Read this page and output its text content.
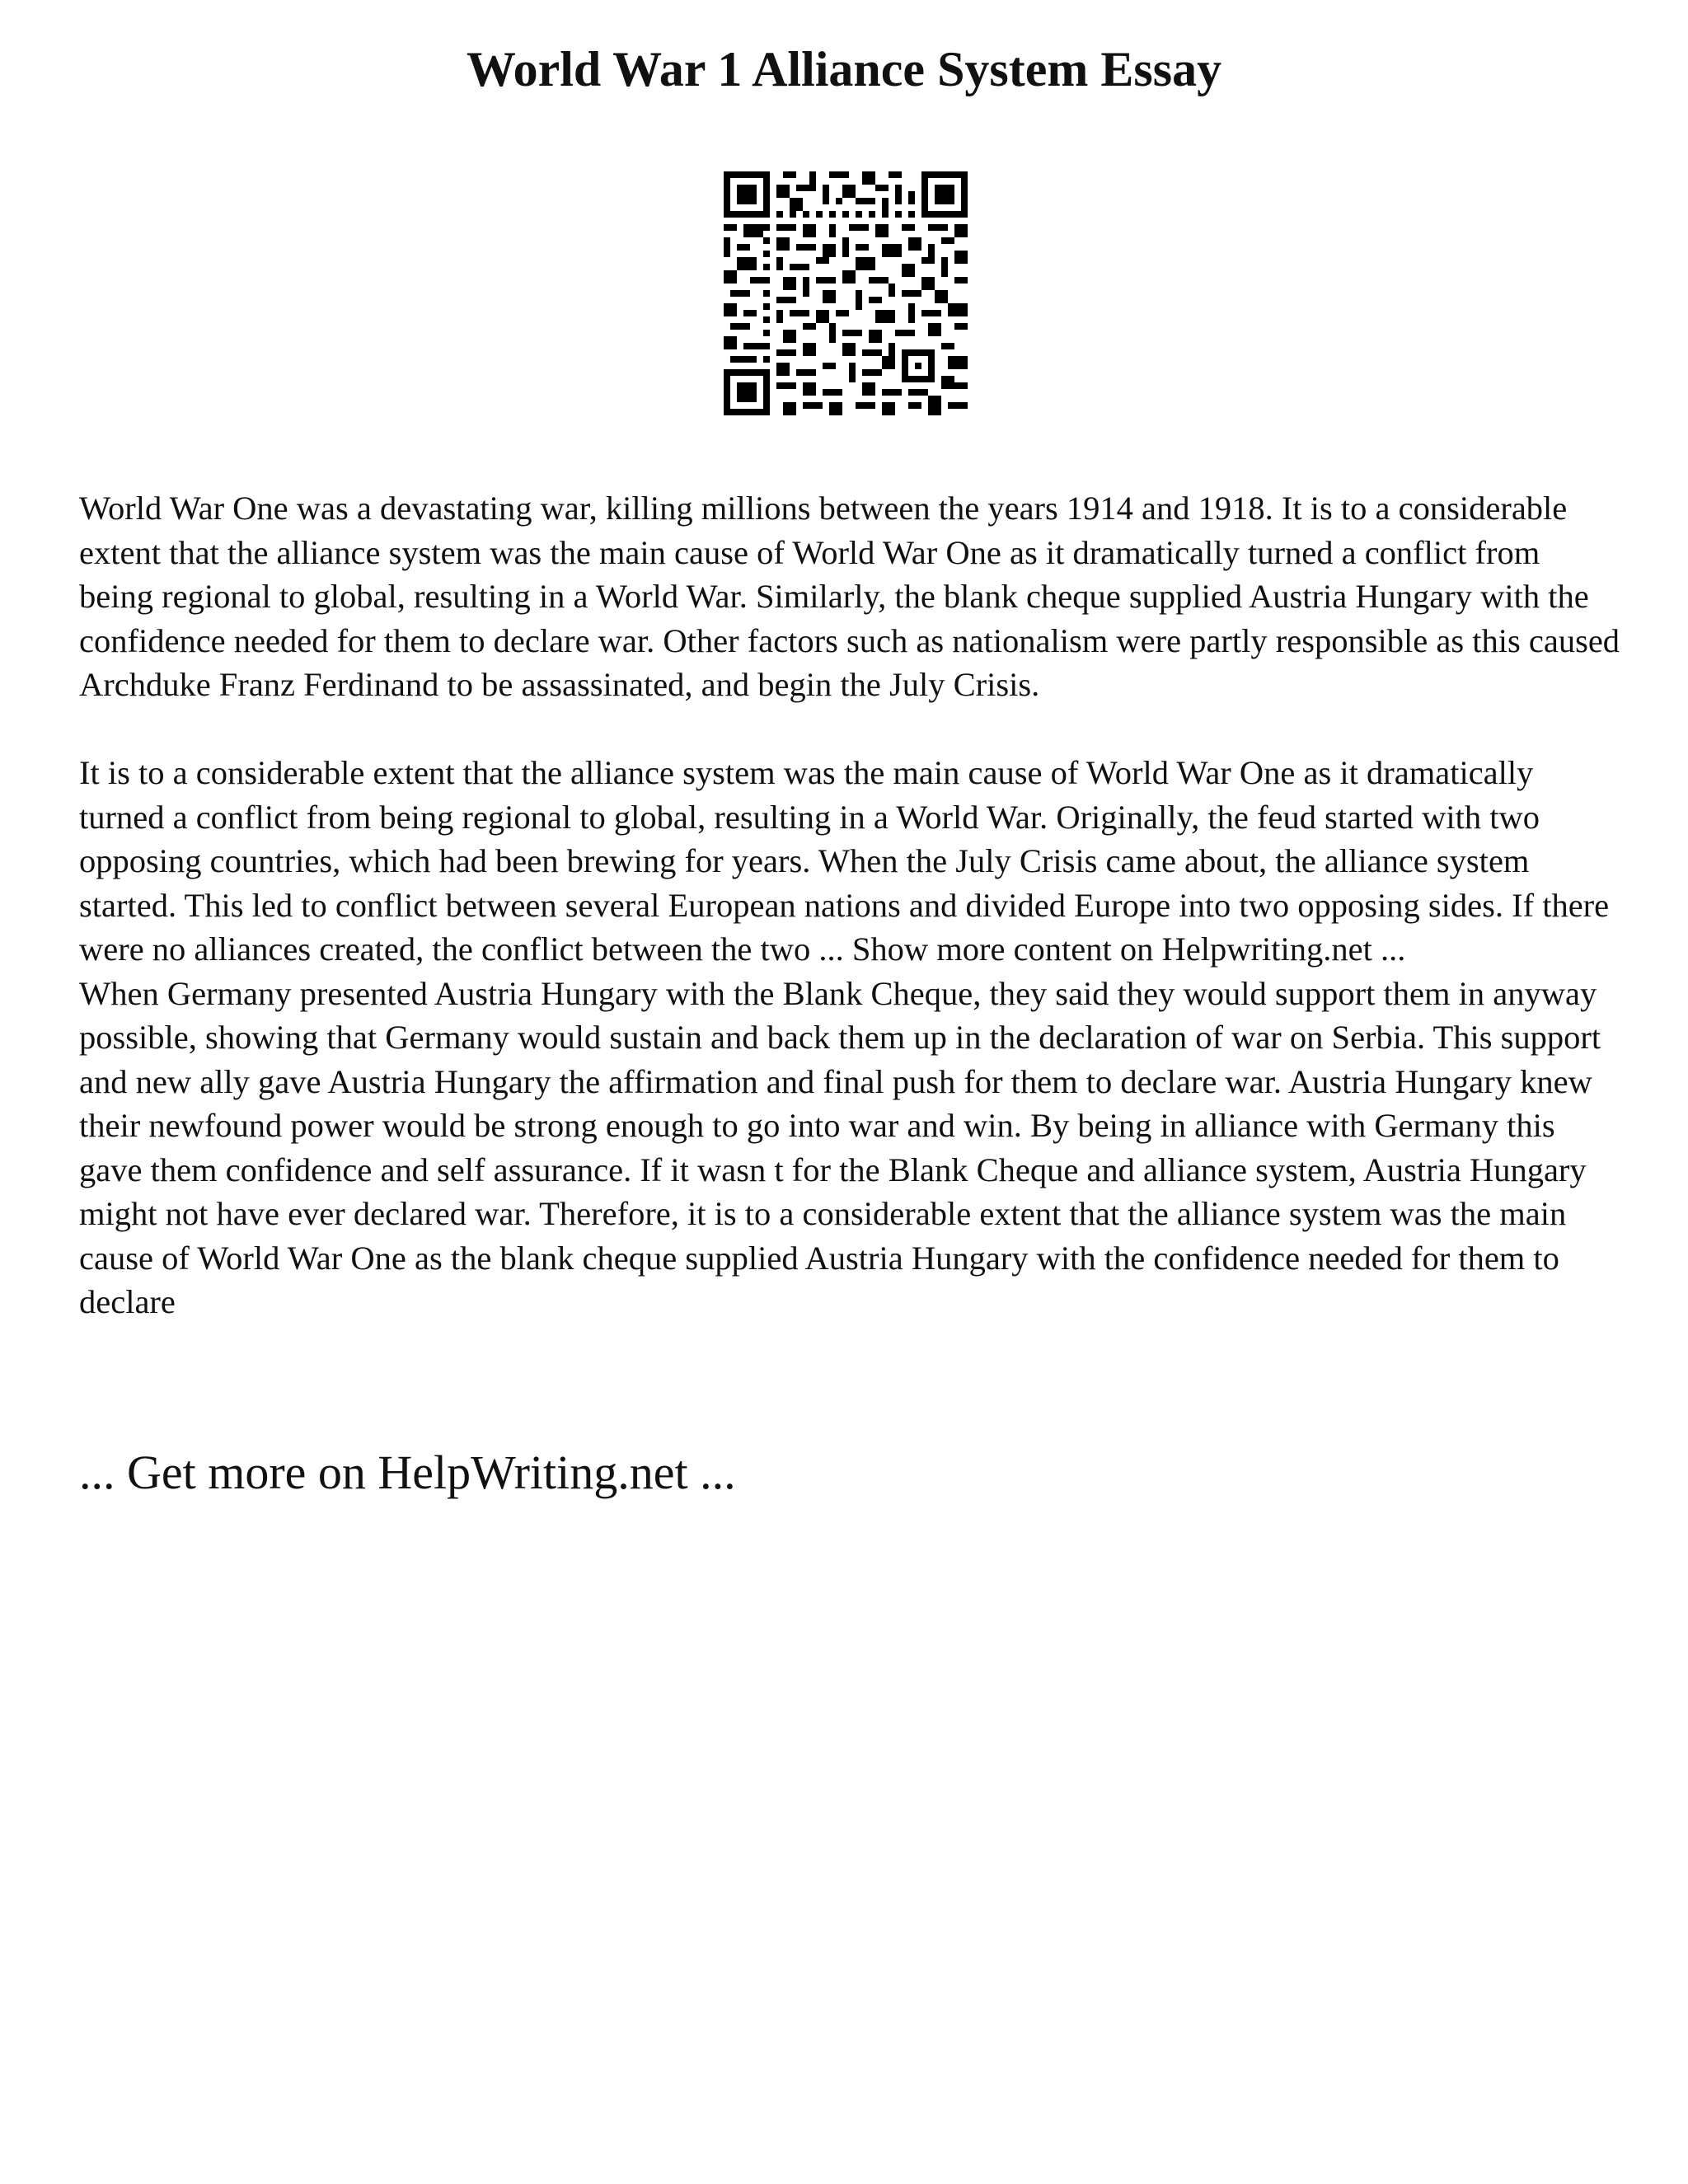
World War 1 Alliance System Essay

World War One was a devastating war, killing millions between the years 1914 and 1918. It is to a considerable extent that the alliance system was the main cause of World War One as it dramatically turned a conflict from being regional to global, resulting in a World War. Similarly, the blank cheque supplied Austria Hungary with the confidence needed for them to declare war. Other factors such as nationalism were partly responsible as this caused Archduke Franz Ferdinand to be assassinated, and begin the July Crisis.

It is to a considerable extent that the alliance system was the main cause of World War One as it dramatically turned a conflict from being regional to global, resulting in a World War. Originally, the feud started with two opposing countries, which had been brewing for years. When the July Crisis came about, the alliance system started. This led to conflict between several European nations and divided Europe into two opposing sides. If there were no alliances created, the conflict between the two ... Show more content on Helpwriting.net ...

When Germany presented Austria Hungary with the Blank Cheque, they said they would support them in anyway possible, showing that Germany would sustain and back them up in the declaration of war on Serbia. This support and new ally gave Austria Hungary the affirmation and final push for them to declare war. Austria Hungary knew their newfound power would be strong enough to go into war and win. By being in alliance with Germany this gave them confidence and self assurance. If it wasn t for the Blank Cheque and alliance system, Austria Hungary might not have ever declared war. Therefore, it is to a considerable extent that the alliance system was the main cause of World War One as the blank cheque supplied Austria Hungary with the confidence needed for them to declare

... Get more on HelpWriting.net ...
